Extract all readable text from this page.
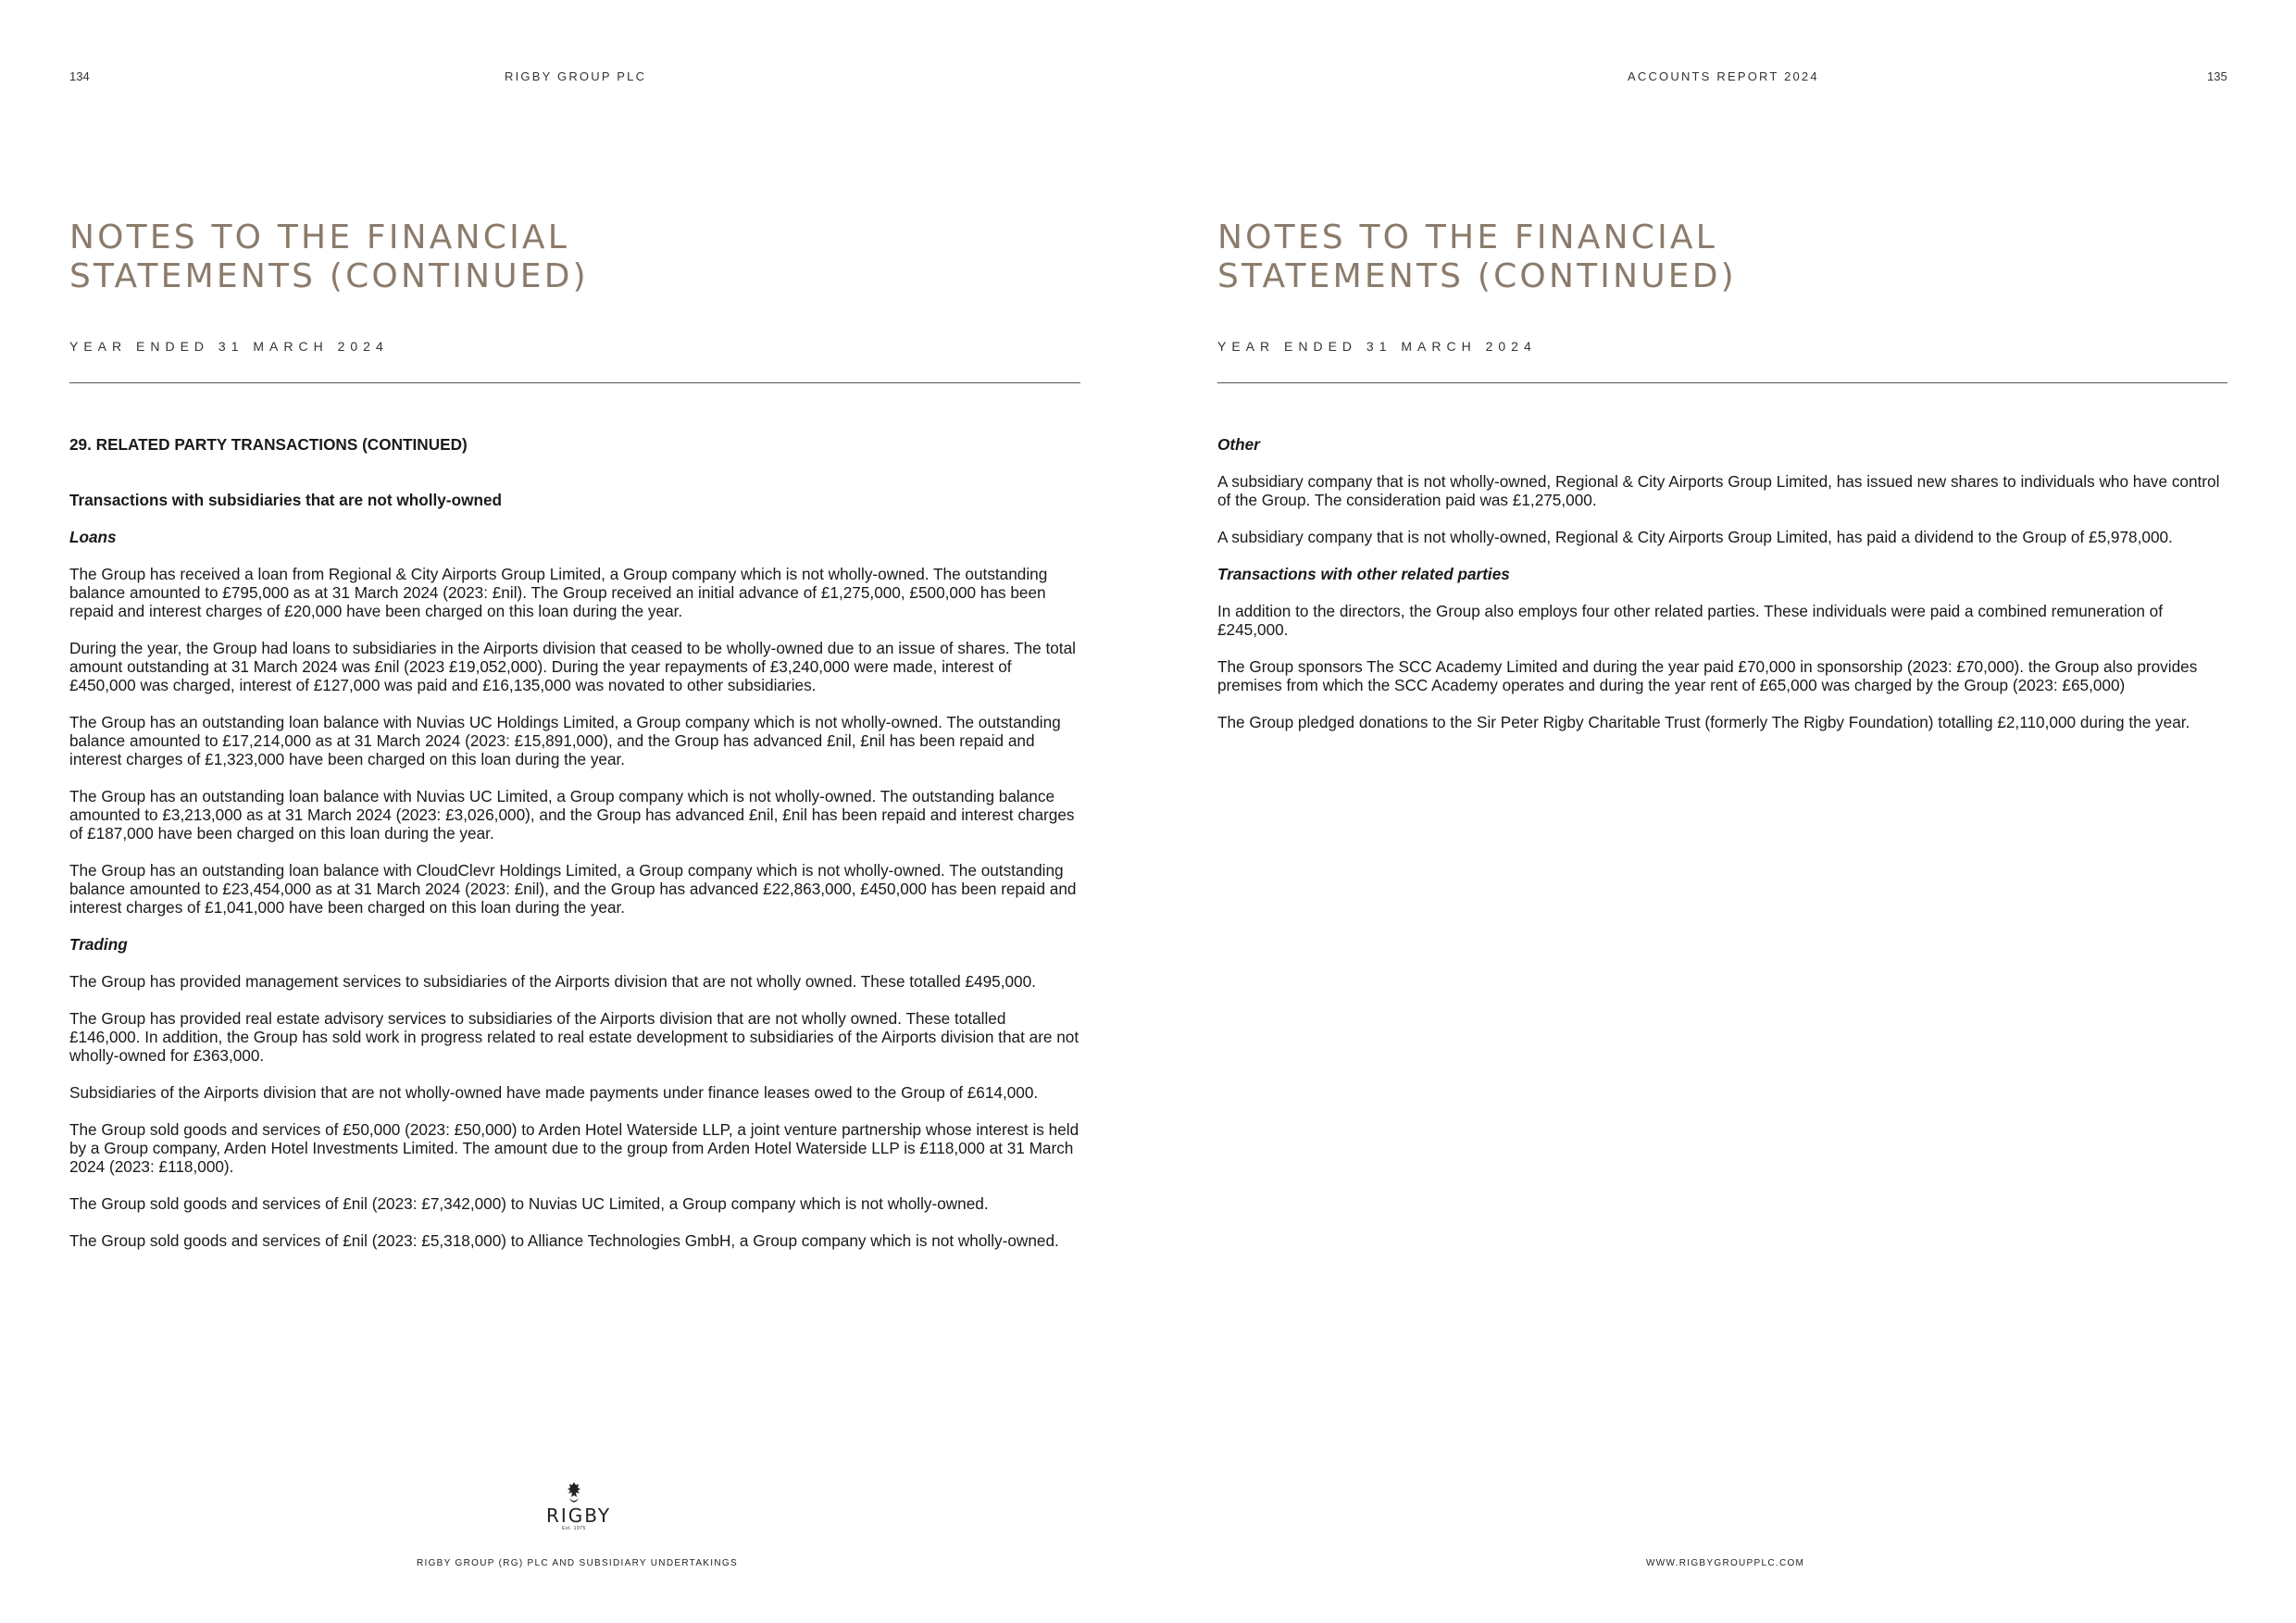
134	RIGBY GROUP PLC
NOTES TO THE FINANCIAL
STATEMENTS (CONTINUED)
YEAR ENDED 31 MARCH 2024
29. RELATED PARTY TRANSACTIONS (CONTINUED)
Transactions with subsidiaries that are not wholly-owned
Loans

The Group has received a loan from Regional & City Airports Group Limited, a Group company which is not wholly-owned. The outstanding balance amounted to £795,000 as at 31 March 2024 (2023: £nil). The Group received an initial advance of £1,275,000, £500,000 has been repaid and interest charges of £20,000 have been charged on this loan during the year.

During the year, the Group had loans to subsidiaries in the Airports division that ceased to be wholly-owned due to an issue of shares. The total amount outstanding at 31 March 2024 was £nil (2023 £19,052,000). During the year repayments of £3,240,000 were made, interest of £450,000 was charged, interest of £127,000 was paid and £16,135,000 was novated to other subsidiaries.

The Group has an outstanding loan balance with Nuvias UC Holdings Limited, a Group company which is not wholly-owned. The outstanding balance amounted to £17,214,000 as at 31 March 2024 (2023: £15,891,000), and the Group has advanced £nil, £nil has been repaid and interest charges of £1,323,000 have been charged on this loan during the year.

The Group has an outstanding loan balance with Nuvias UC Limited, a Group company which is not wholly-owned. The outstanding balance amounted to £3,213,000 as at 31 March 2024 (2023: £3,026,000), and the Group has advanced £nil, £nil has been repaid and interest charges of £187,000 have been charged on this loan during the year.

The Group has an outstanding loan balance with CloudClevr Holdings Limited, a Group company which is not wholly-owned. The outstanding balance amounted to £23,454,000 as at 31 March 2024 (2023: £nil), and the Group has advanced £22,863,000, £450,000 has been repaid and interest charges of £1,041,000 have been charged on this loan during the year.

Trading

The Group has provided management services to subsidiaries of the Airports division that are not wholly owned. These totalled £495,000.

The Group has provided real estate advisory services to subsidiaries of the Airports division that are not wholly owned. These totalled £146,000. In addition, the Group has sold work in progress related to real estate development to subsidiaries of the Airports division that are not wholly-owned for £363,000.

Subsidiaries of the Airports division that are not wholly-owned have made payments under finance leases owed to the Group of £614,000.

The Group sold goods and services of £50,000 (2023: £50,000) to Arden Hotel Waterside LLP, a joint venture partnership whose interest is held by a Group company, Arden Hotel Investments Limited. The amount due to the group from Arden Hotel Waterside LLP is £118,000 at 31 March 2024 (2023: £118,000).

The Group sold goods and services of £nil (2023: £7,342,000) to Nuvias UC Limited, a Group company which is not wholly-owned.

The Group sold goods and services of £nil (2023: £5,318,000) to Alliance Technologies GmbH, a Group company which is not wholly-owned.

RIGBY
Est. 1975
RIGBY GROUP (RG) PLC AND SUBSIDIARY UNDERTAKINGS
ACCOUNTS REPORT 2024	135
NOTES TO THE FINANCIAL
STATEMENTS (CONTINUED)
YEAR ENDED 31 MARCH 2024
Other

A subsidiary company that is not wholly-owned, Regional & City Airports Group Limited, has issued new shares to individuals who have control of the Group. The consideration paid was £1,275,000.

A subsidiary company that is not wholly-owned, Regional & City Airports Group Limited, has paid a dividend to the Group of £5,978,000.

Transactions with other related parties

In addition to the directors, the Group also employs four other related parties. These individuals were paid a combined remuneration of £245,000.

The Group sponsors The SCC Academy Limited and during the year paid £70,000 in sponsorship (2023: £70,000). the Group also provides premises from which the SCC Academy operates and during the year rent of £65,000 was charged by the Group (2023: £65,000)

The Group pledged donations to the Sir Peter Rigby Charitable Trust (formerly The Rigby Foundation) totalling £2,110,000 during the year.

WWW.RIGBYGROUPPLC.COM
